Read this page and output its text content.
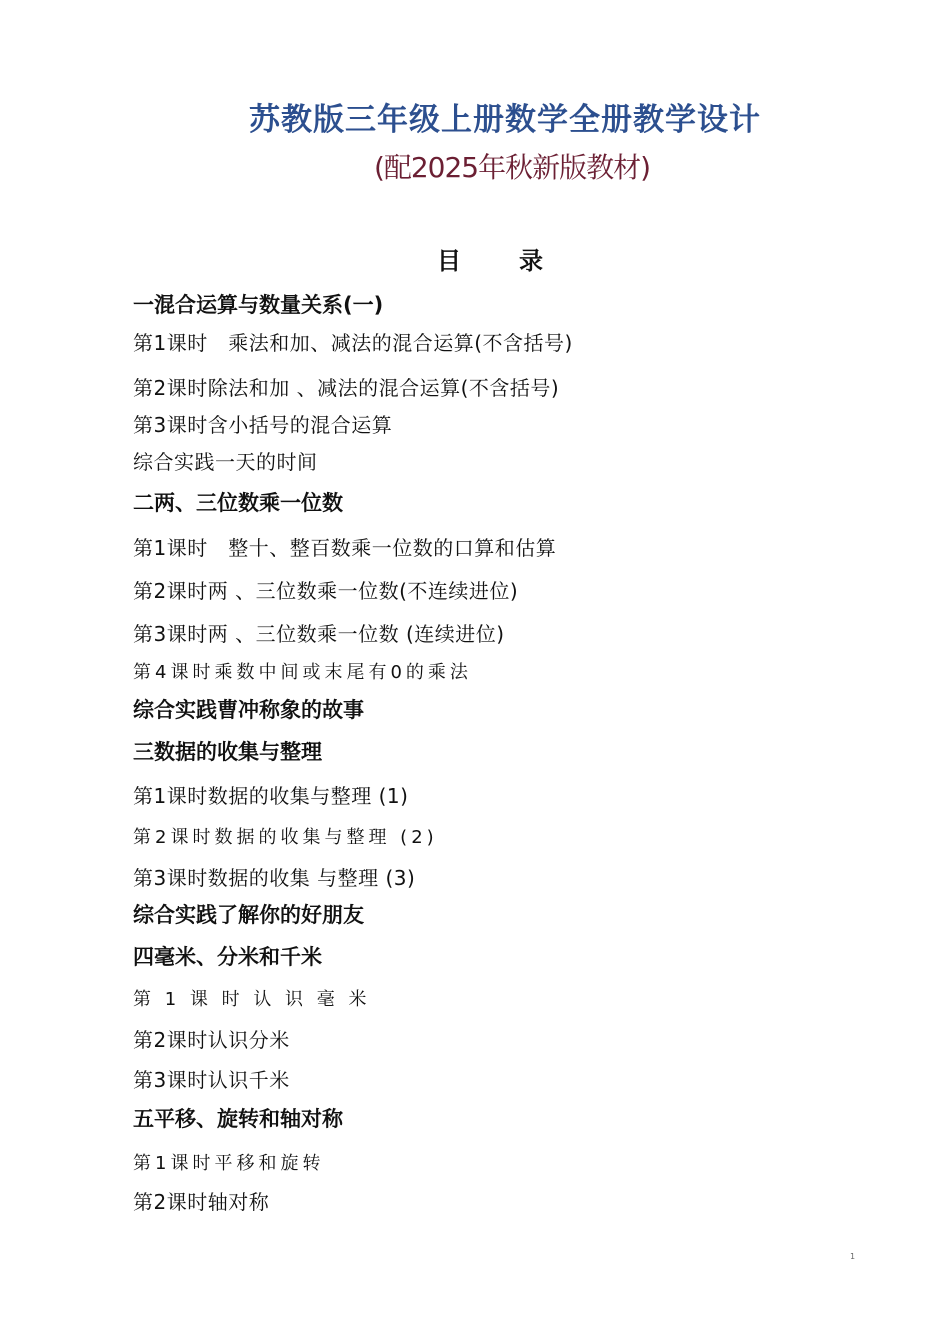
苏教版三年级上册数学全册教学设计

(配2025年秋新版教材)

目 录

一混合运算与数量关系(一)

第1课时　乘法和加、减法的混合运算(不含括号)

第2课时除法和加 、减法的混合运算(不含括号)

第3课时含小括号的混合运算

综合实践一天的时间

二两、三位数乘一位数

第1课时　整十、整百数乘一位数的口算和估算

第2课时两 、三位数乘一位数(不连续进位)

第3课时两 、三位数乘一位数 (连续进位)

第4课时乘数中间或末尾有0的乘法

综合实践曹冲称象的故事

三数据的收集与整理

第1课时数据的收集与整理 (1)

第2课时数据的收集与整理 (2)

第3课时数据的收集 与整理 (3)

综合实践了解你的好朋友

四毫米、分米和千米

第 1 课 时 认 识 毫 米

第2课时认识分米

第3课时认识千米

五平移、旋转和轴对称

第1课时平移和旋转

第2课时轴对称

1
